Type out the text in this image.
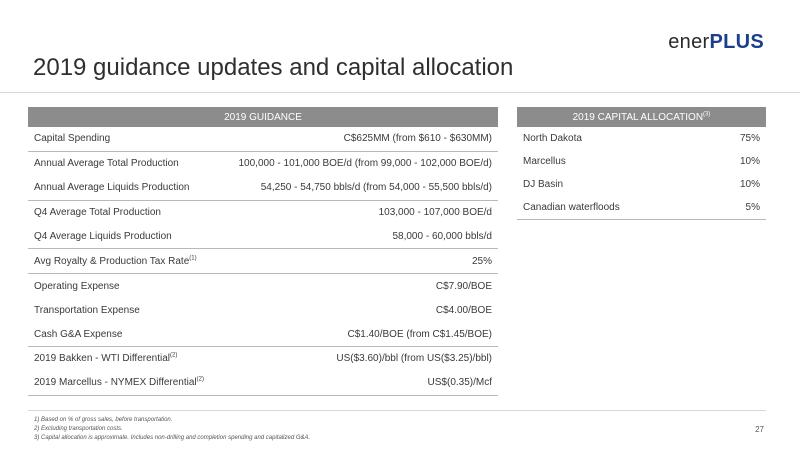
enerPLUS
2019 guidance updates and capital allocation
2019 GUIDANCE	
Capital Spending	C$625MM (from $610 - $630MM)
Annual Average Total Production	100,000 - 101,000 BOE/d (from 99,000 - 102,000 BOE/d)
Annual Average Liquids Production	54,250 - 54,750 bbls/d (from 54,000 - 55,500 bbls/d)
Q4 Average Total Production	103,000 - 107,000 BOE/d
Q4 Average Liquids Production	58,000 - 60,000 bbls/d
Avg Royalty & Production Tax Rate$^{(1)}$	25%
Operating Expense	C$7.90/BOE
Transportation Expense	C$4.00/BOE
Cash G&A Expense	C$1.40/BOE (from C$1.45/BOE)
2019 Bakken - WTI Differential$^{(2)}$	US($3.60)/bbl (from US($3.25)/bbl)
2019 Marcellus - NYMEX Differential$^{(2)}$	US$(0.35)/Mcf
2019 CAPITAL ALLOCATION$^{(3)}$
North Dakota	75%
Marcellus	10%
DJ Basin	10%
Canadian waterfloods	5%
1) Based on % of gross sales, before transportation.
2) Excluding transportation costs.
3) Capital allocation is approximate. Includes non-drilling and completion spending and capitalized G&A.
27
